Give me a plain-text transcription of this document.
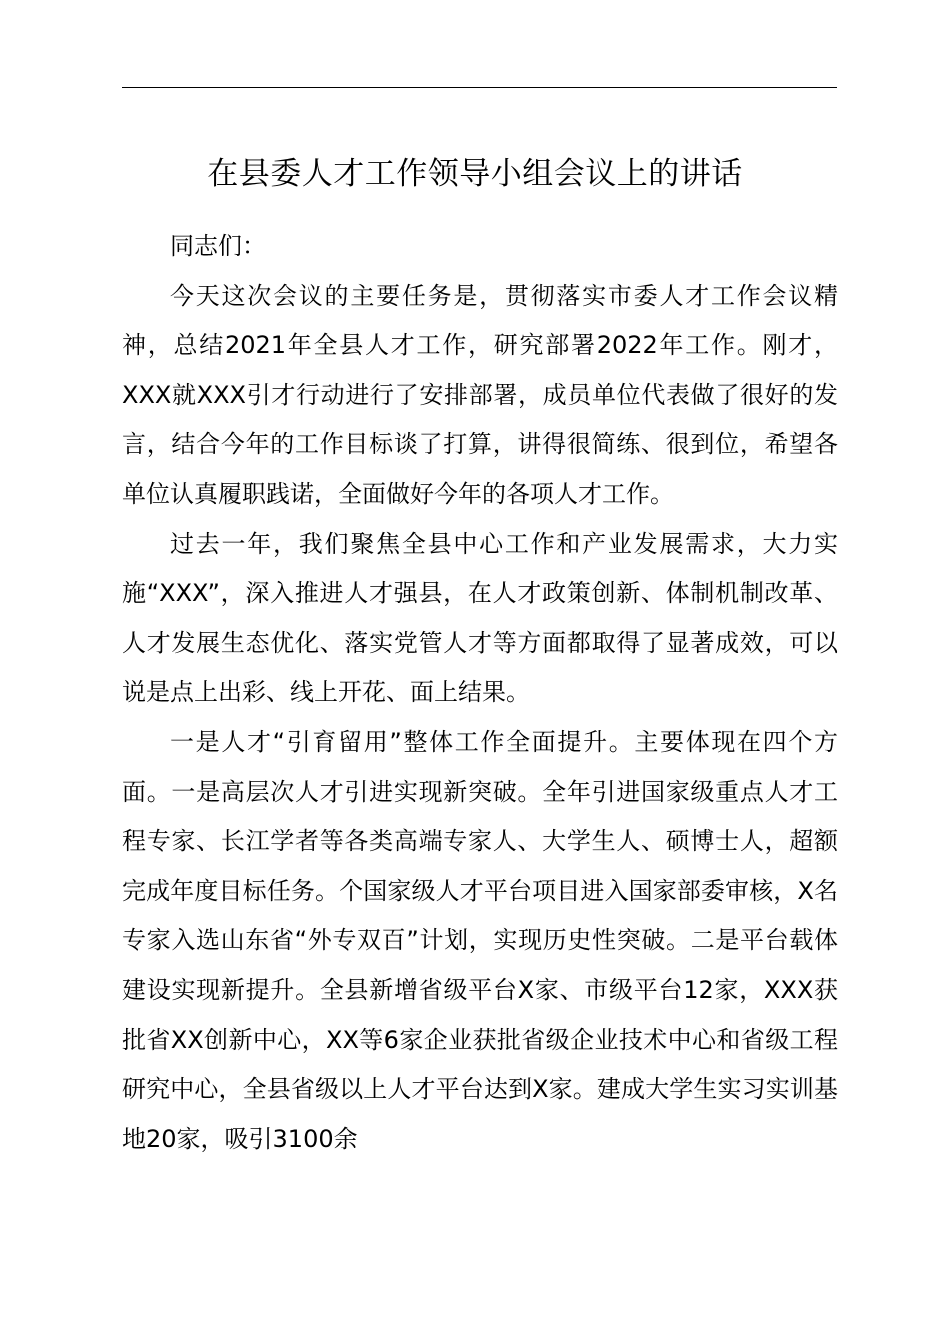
在县委人才工作领导小组会议上的讲话

同志们：

今天这次会议的主要任务是，贯彻落实市委人才工作会议精神，总结2021年全县人才工作，研究部署2022年工作。刚才，XXX就XXX引才行动进行了安排部署，成员单位代表做了很好的发言，结合今年的工作目标谈了打算，讲得很简练、很到位，希望各单位认真履职践诺，全面做好今年的各项人才工作。

过去一年，我们聚焦全县中心工作和产业发展需求，大力实施“XXX”，深入推进人才强县，在人才政策创新、体制机制改革、人才发展生态优化、落实党管人才等方面都取得了显著成效，可以说是点上出彩、线上开花、面上结果。

一是人才“引育留用”整体工作全面提升。主要体现在四个方面。一是高层次人才引进实现新突破。全年引进国家级重点人才工程专家、长江学者等各类高端专家人、大学生人、硕博士人，超额完成年度目标任务。个国家级人才平台项目进入国家部委审核，X名专家入选山东省“外专双百”计划，实现历史性突破。二是平台载体建设实现新提升。全县新增省级平台X家、市级平台12家，XXX获批省XX创新中心，XX等6家企业获批省级企业技术中心和省级工程研究中心，全县省级以上人才平台达到X家。建成大学生实习实训基地20家，吸引3100余
